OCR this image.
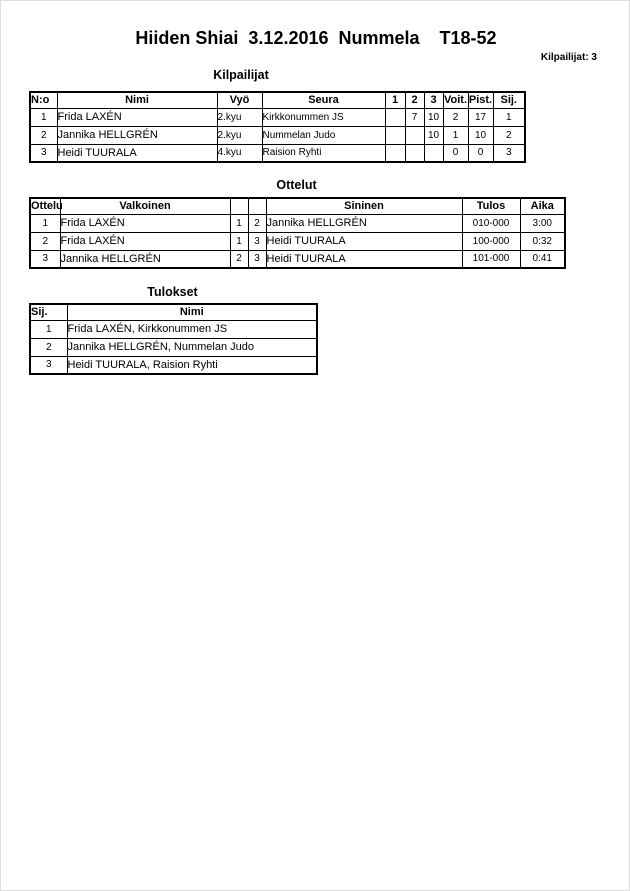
Hiiden Shiai  3.12.2016  Nummela    T18-52
Kilpailijat: 3
Kilpailijat
N:o	Nimi	Vyö	Seura	1	2	3	Voit.	Pist.	Sij.
1	Frida LAXÉN	2.kyu	Kirkkonummen JS		7	10	2	17	1
2	Jannika HELLGRÉN	2.kyu	Nummelan Judo			10	1	10	2
3	Heidi TUURALA	4.kyu	Raision Ryhti				0	0	3
Ottelut
Ottelu	Valkoinen			Sininen	Tulos	Aika
1	Frida LAXÉN	1	2	Jannika HELLGRÉN	010-000	3:00
2	Frida LAXÉN	1	3	Heidi TUURALA	100-000	0:32
3	Jannika HELLGRÉN	2	3	Heidi TUURALA	101-000	0:41
Tulokset
Sij.	Nimi
1	Frida LAXÉN, Kirkkonummen JS
2	Jannika HELLGRÉN, Nummelan Judo
3	Heidi TUURALA, Raision Ryhti
